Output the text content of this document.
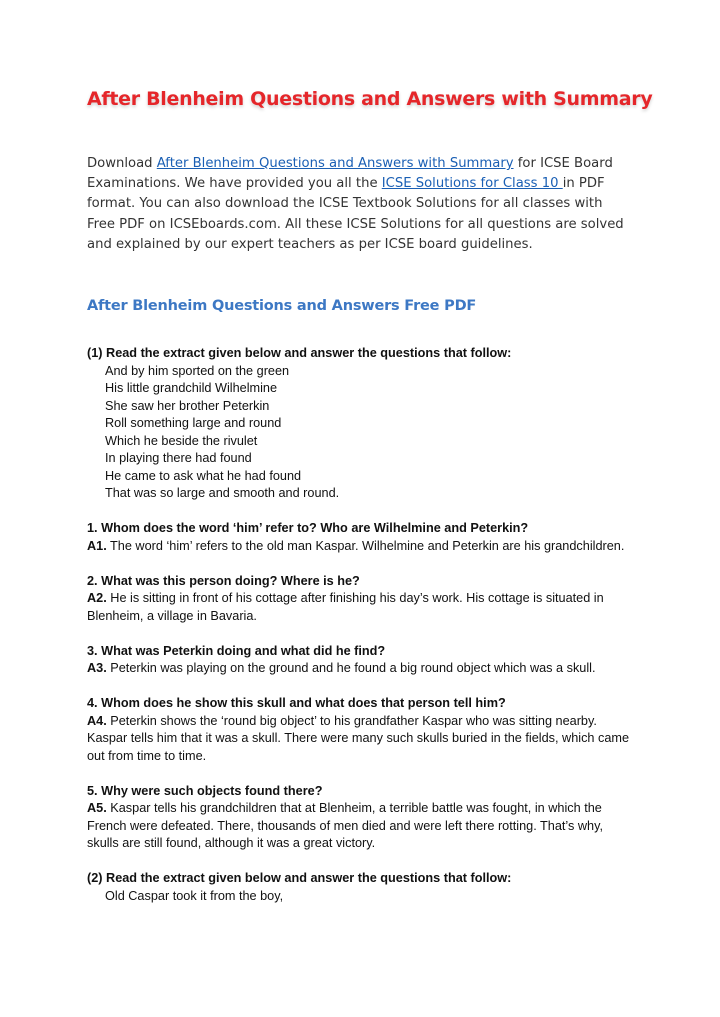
After Blenheim Questions and Answers with Summary

Download After Blenheim Questions and Answers with Summary for ICSE Board Examinations. We have provided you all the ICSE Solutions for Class 10 in PDF format. You can also download the ICSE Textbook Solutions for all classes with Free PDF on ICSEboards.com. All these ICSE Solutions for all questions are solved and explained by our expert teachers as per ICSE board guidelines.

After Blenheim Questions and Answers Free PDF
(1) Read the extract given below and answer the questions that follow:
And by him sported on the green
His little grandchild Wilhelmine
She saw her brother Peterkin
Roll something large and round
Which he beside the rivulet
In playing there had found
He came to ask what he had found
That was so large and smooth and round.
1. Whom does the word ‘him’ refer to? Who are Wilhelmine and Peterkin?
A1. The word ‘him’ refers to the old man Kaspar. Wilhelmine and Peterkin are his grandchildren.
2. What was this person doing? Where is he?
A2. He is sitting in front of his cottage after finishing his day’s work. His cottage is situated in Blenheim, a village in Bavaria.
3. What was Peterkin doing and what did he find?
A3. Peterkin was playing on the ground and he found a big round object which was a skull.
4. Whom does he show this skull and what does that person tell him?
A4. Peterkin shows the ‘round big object’ to his grandfather Kaspar who was sitting nearby. Kaspar tells him that it was a skull. There were many such skulls buried in the fields, which came out from time to time.
5. Why were such objects found there?
A5. Kaspar tells his grandchildren that at Blenheim, a terrible battle was fought, in which the French were defeated. There, thousands of men died and were left there rotting. That’s why, skulls are still found, although it was a great victory.
(2) Read the extract given below and answer the questions that follow:
Old Caspar took it from the boy,
